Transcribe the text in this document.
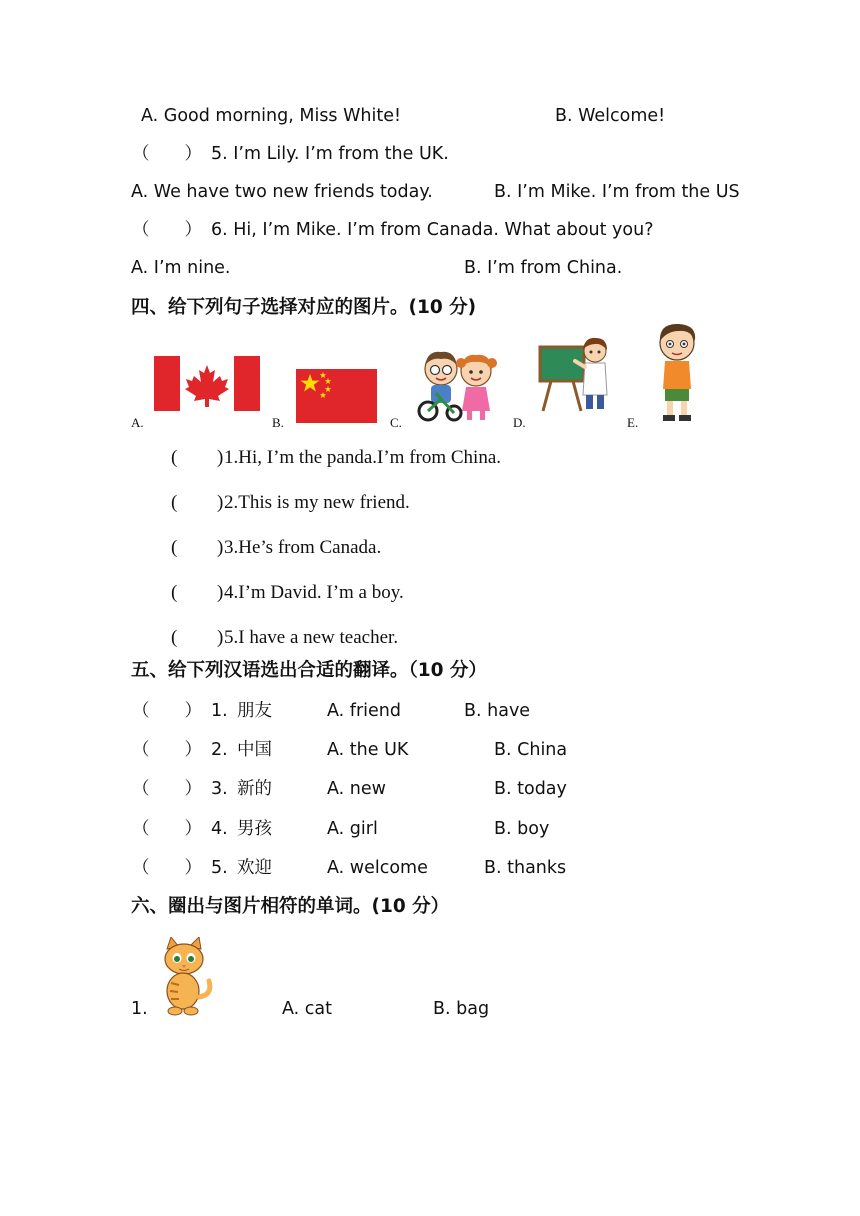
A. Good morning, Miss White!	B. Welcome!
（　　） 5. I’m Lily. I’m from the UK.
A. We have two new friends today.	B. I’m Mike. I’m from the US
（　　） 6. Hi, I’m Mike. I’m from Canada. What about you?
A. I’m nine.	B. I’m from China.
四、给下列句子选择对应的图片。(10 分)
A.	B.	C.	D.	E.
( ) 1.Hi, I’m the panda.I’m from China.
( ) 2.This is my new friend.
( ) 3.He’s from Canada.
( ) 4.I’m David. I’m a boy.
( ) 5.I have a new teacher.
五、给下列汉语选出合适的翻译。（10 分）
（　　） 1. 朋友	A. friend	B. have
（　　） 2. 中国	A. the UK	B. China
（　　） 3. 新的	A. new	B. today
（　　） 4. 男孩	A. girl	B. boy
（　　） 5. 欢迎	A. welcome	B. thanks
六、圈出与图片相符的单词。(10 分）
1.	A. cat	B. bag
